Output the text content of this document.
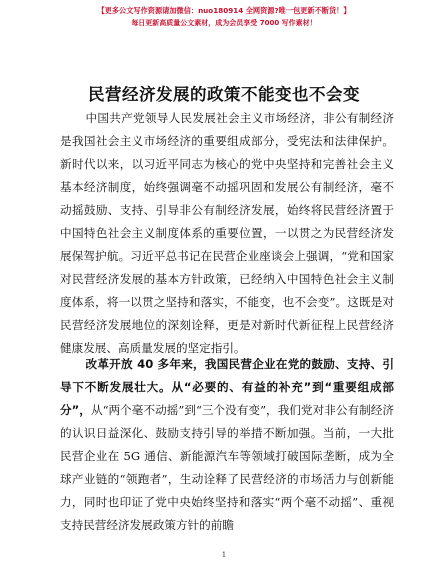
【更多公文写作资源请加微信：nuo180914 全网资源?唯一包更新不断货！】
每日更新高质量公文素材，成为会员享受 7000 写作素材！
民营经济发展的政策不能变也不会变

中国共产党领导人民发展社会主义市场经济，非公有制经济是我国社会主义市场经济的重要组成部分，受宪法和法律保护。新时代以来，以习近平同志为核心的党中央坚持和完善社会主义基本经济制度，始终强调毫不动摇巩固和发展公有制经济，毫不动摇鼓励、支持、引导非公有制经济发展，始终将民营经济置于中国特色社会主义制度体系的重要位置，一以贯之为民营经济发展保驾护航。习近平总书记在民营企业座谈会上强调，“党和国家对民营经济发展的基本方针政策，已经纳入中国特色社会主义制度体系，将一以贯之坚持和落实，不能变，也不会变”。这既是对民营经济发展地位的深刻诠释，更是对新时代新征程上民营经济健康发展、高质量发展的坚定指引。

改革开放 40 多年来，我国民营企业在党的鼓励、支持、引导下不断发展壮大。从“必要的、有益的补充”到“重要组成部分”，从“两个毫不动摇”到“三个没有变”，我们党对非公有制经济的认识日益深化、鼓励支持引导的举措不断加强。当前，一大批民营企业在 5G 通信、新能源汽车等领域打破国际垄断，成为全球产业链的“领跑者”，生动诠释了民营经济的市场活力与创新能力，同时也印证了党中央始终坚持和落实“两个毫不动摇”、重视支持民营经济发展政策方针的前瞻

1
